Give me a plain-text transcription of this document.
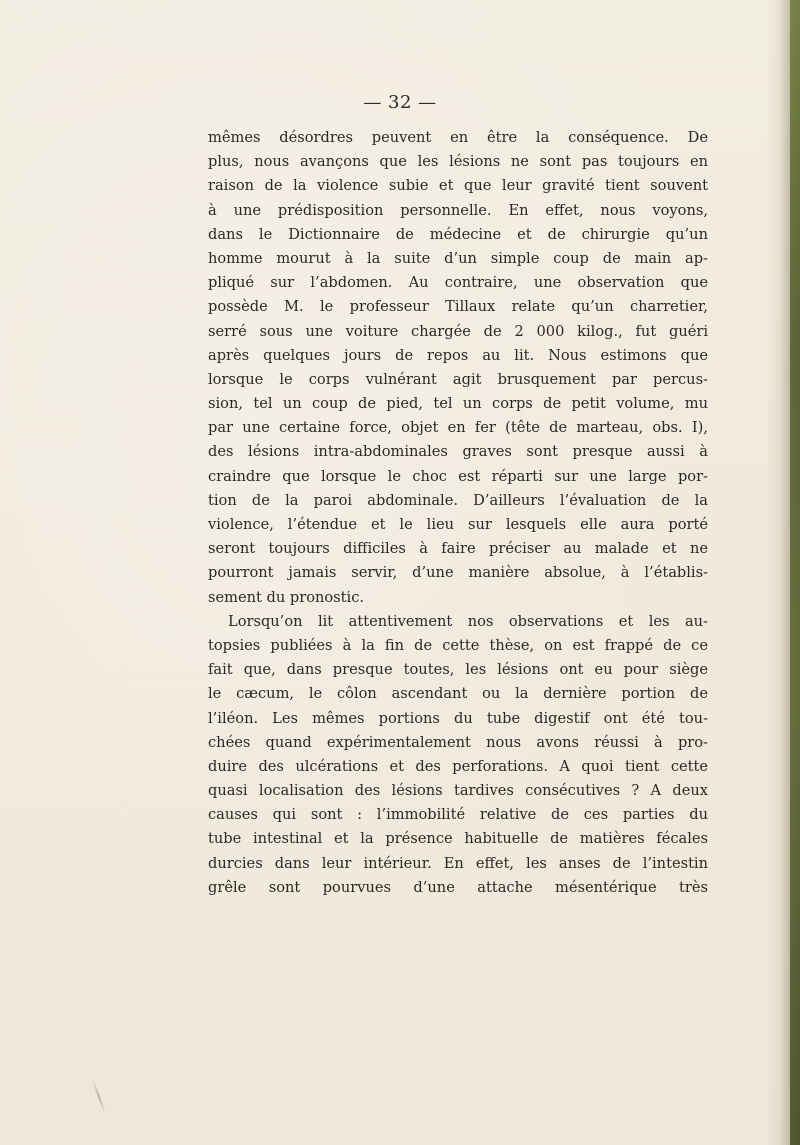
— 32 —
mêmes désordres peuvent en être la conséquence. De
plus, nous avançons que les lésions ne sont pas toujours en
raison de la violence subie et que leur gravité tient souvent
à une prédisposition personnelle. En effet, nous voyons,
dans le Dictionnaire de médecine et de chirurgie qu’un
homme mourut à la suite d’un simple coup de main ap-
pliqué sur l’abdomen. Au contraire, une observation que
possède M. le professeur Tillaux relate qu’un charretier,
serré sous une voiture chargée de 2 000 kilog., fut guéri
après quelques jours de repos au lit. Nous estimons que
lorsque le corps vulnérant agit brusquement par percus-
sion, tel un coup de pied, tel un corps de petit volume, mu
par une certaine force, objet en fer (tête de marteau, obs. I),
des lésions intra-abdominales graves sont presque aussi à
craindre que lorsque le choc est réparti sur une large por-
tion de la paroi abdominale. D’ailleurs l’évaluation de la
violence, l’étendue et le lieu sur lesquels elle aura porté
seront toujours difficiles à faire préciser au malade et ne
pourront jamais servir, d’une manière absolue, à l’établis-
sement du pronostic.
Lorsqu’on lit attentivement nos observations et les au-
topsies publiées à la fin de cette thèse, on est frappé de ce
fait que, dans presque toutes, les lésions ont eu pour siège
le cæcum, le côlon ascendant ou la dernière portion de
l’iléon. Les mêmes portions du tube digestif ont été tou-
chées quand expérimentalement nous avons réussi à pro-
duire des ulcérations et des perforations. A quoi tient cette
quasi localisation des lésions tardives consécutives ? A deux
causes qui sont : l’immobilité relative de ces parties du
tube intestinal et la présence habituelle de matières fécales
durcies dans leur intérieur. En effet, les anses de l’intestin
grêle sont pourvues d’une attache mésentérique très
